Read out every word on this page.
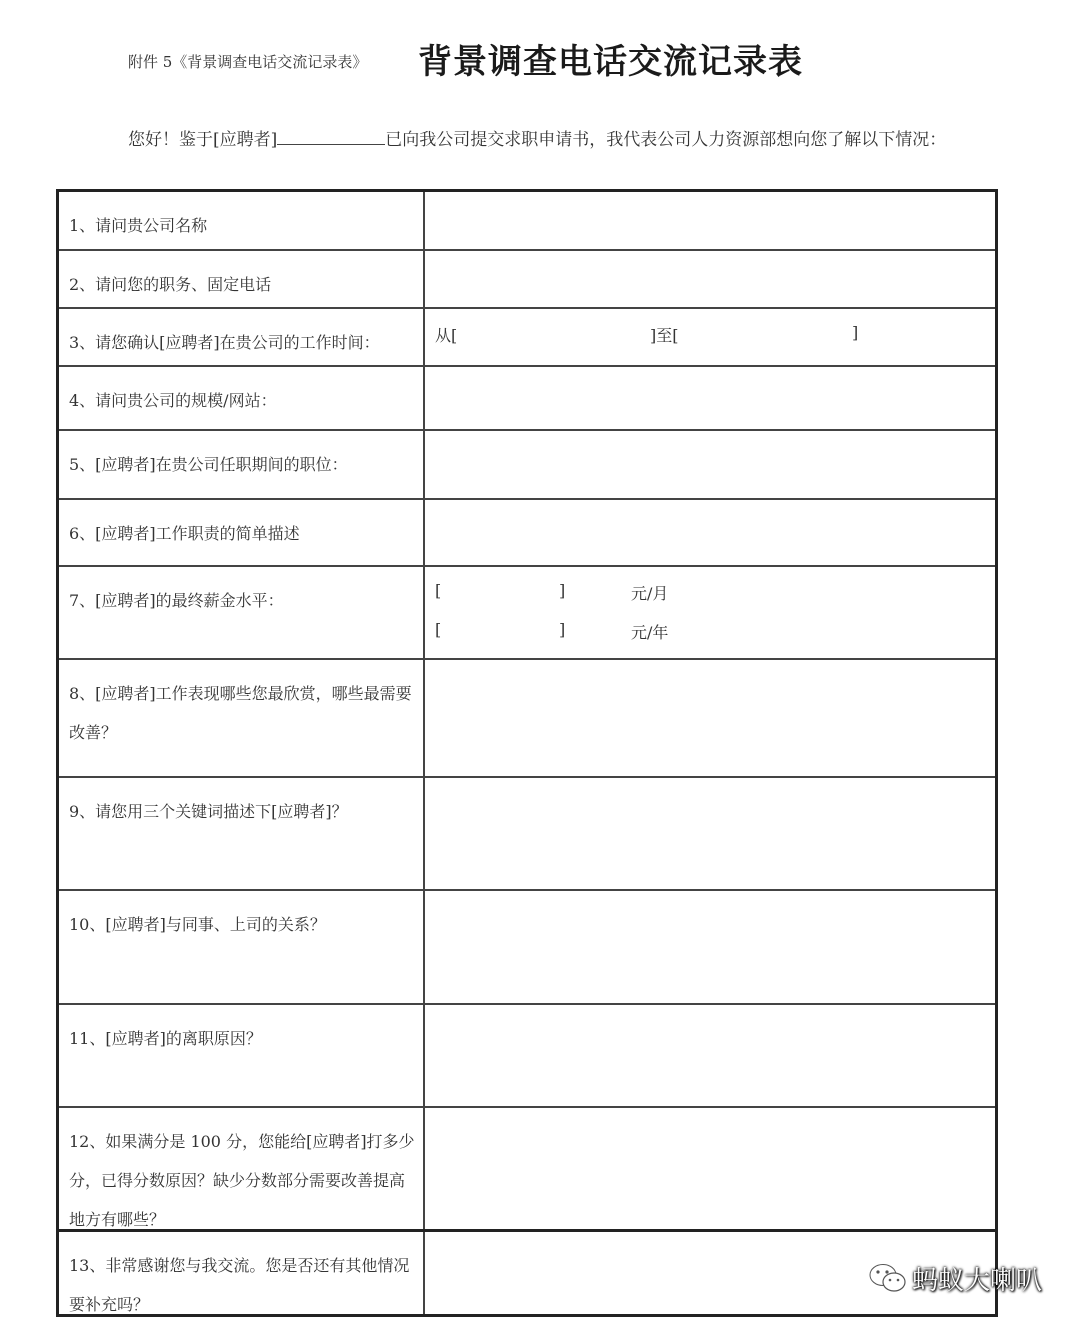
附件 5《背景调查电话交流记录表》 背景调查电话交流记录表
您好！鉴于[应聘者]	已向我公司提交求职申请书，我代表公司人力资源部想向您了解以下情况：
1、请问贵公司名称
2、请问您的职务、固定电话
3、请您确认[应聘者]在贵公司的工作时间：	从[	]至[	]
4、请问贵公司的规模/网站：
5、[应聘者]在贵公司任职期间的职位：
6、[应聘者]工作职责的简单描述
7、[应聘者]的最终薪金水平：
[	]	元/月
[	]	元/年
8、[应聘者]工作表现哪些您最欣赏，哪些最需要改善？
9、请您用三个关键词描述下[应聘者]？
10、[应聘者]与同事、上司的关系？
11、[应聘者]的离职原因？
12、如果满分是 100 分，您能给[应聘者]打多少分，已得分数原因？缺少分数部分需要改善提高地方有哪些？
13、非常感谢您与我交流。您是否还有其他情况要补充吗？
蚂蚁大喇叭
